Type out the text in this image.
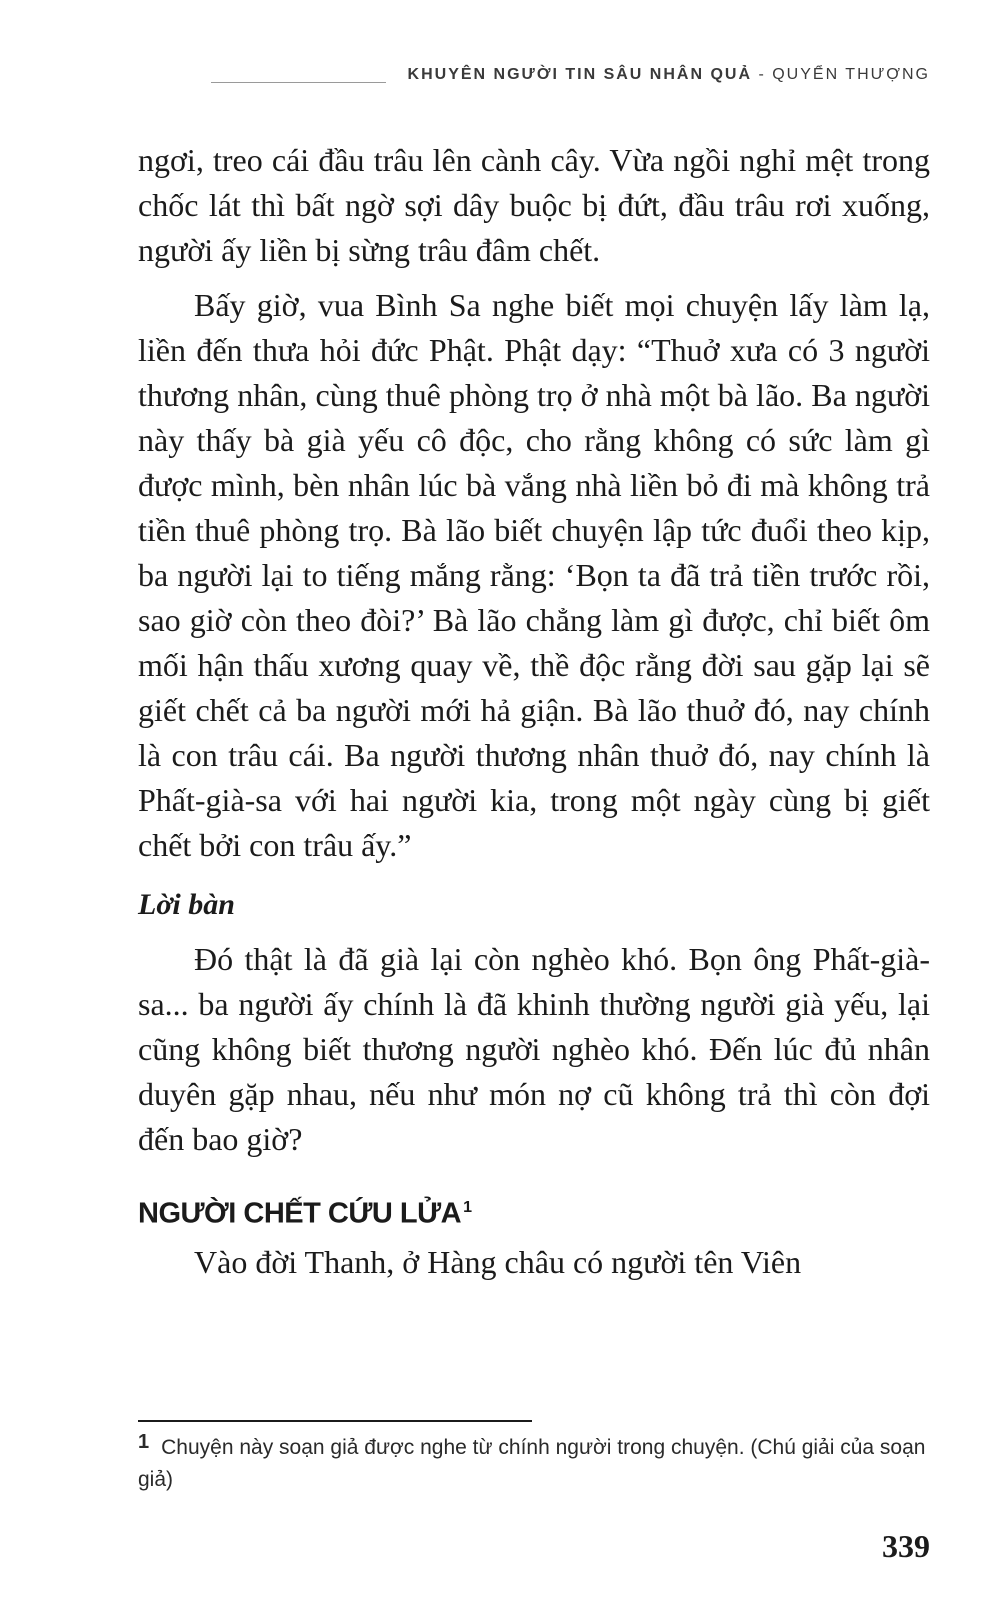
KHUYÊN NGƯỜI TIN SÂU NHÂN QUẢ - QUYỂN THƯỢNG

ngơi, treo cái đầu trâu lên cành cây. Vừa ngồi nghỉ mệt trong chốc lát thì bất ngờ sợi dây buộc bị đứt, đầu trâu rơi xuống, người ấy liền bị sừng trâu đâm chết.

Bấy giờ, vua Bình Sa nghe biết mọi chuyện lấy làm lạ, liền đến thưa hỏi đức Phật. Phật dạy: “Thuở xưa có 3 người thương nhân, cùng thuê phòng trọ ở nhà một bà lão. Ba người này thấy bà già yếu cô độc, cho rằng không có sức làm gì được mình, bèn nhân lúc bà vắng nhà liền bỏ đi mà không trả tiền thuê phòng trọ. Bà lão biết chuyện lập tức đuổi theo kịp, ba người lại to tiếng mắng rằng: ‘Bọn ta đã trả tiền trước rồi, sao giờ còn theo đòi?’ Bà lão chẳng làm gì được, chỉ biết ôm mối hận thấu xương quay về, thề độc rằng đời sau gặp lại sẽ giết chết cả ba người mới hả giận. Bà lão thuở đó, nay chính là con trâu cái. Ba người thương nhân thuở đó, nay chính là Phất-già-sa với hai người kia, trong một ngày cùng bị giết chết bởi con trâu ấy.”

Lời bàn

Đó thật là đã già lại còn nghèo khó. Bọn ông Phất-già-sa... ba người ấy chính là đã khinh thường người già yếu, lại cũng không biết thương người nghèo khó. Đến lúc đủ nhân duyên gặp nhau, nếu như món nợ cũ không trả thì còn đợi đến bao giờ?

NGƯỜI CHẾT CỨU LỬA $^1$

Vào đời Thanh, ở Hàng châu có người tên Viên

1 Chuyện này soạn giả được nghe từ chính người trong chuyện. (Chú giải của soạn giả)
339
